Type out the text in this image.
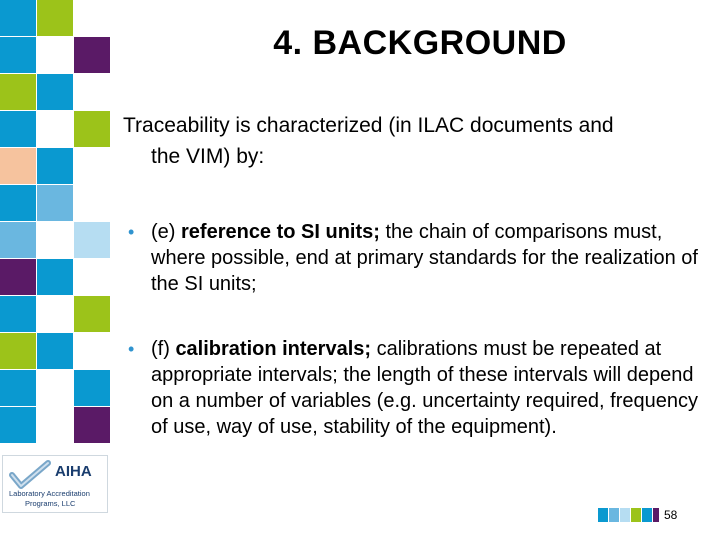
4. BACKGROUND
Traceability is characterized (in ILAC documents and
the VIM) by:
• (e) reference to SI units; the chain of comparisons must, where possible, end at primary standards for the realization of the SI units;
• (f) calibration intervals; calibrations must be repeated at appropriate intervals; the length of these intervals will depend on a number of variables (e.g. uncertainty required, frequency of use, way of use, stability of the equipment).
AIHA
Laboratory Accreditation
Programs, LLC
58
